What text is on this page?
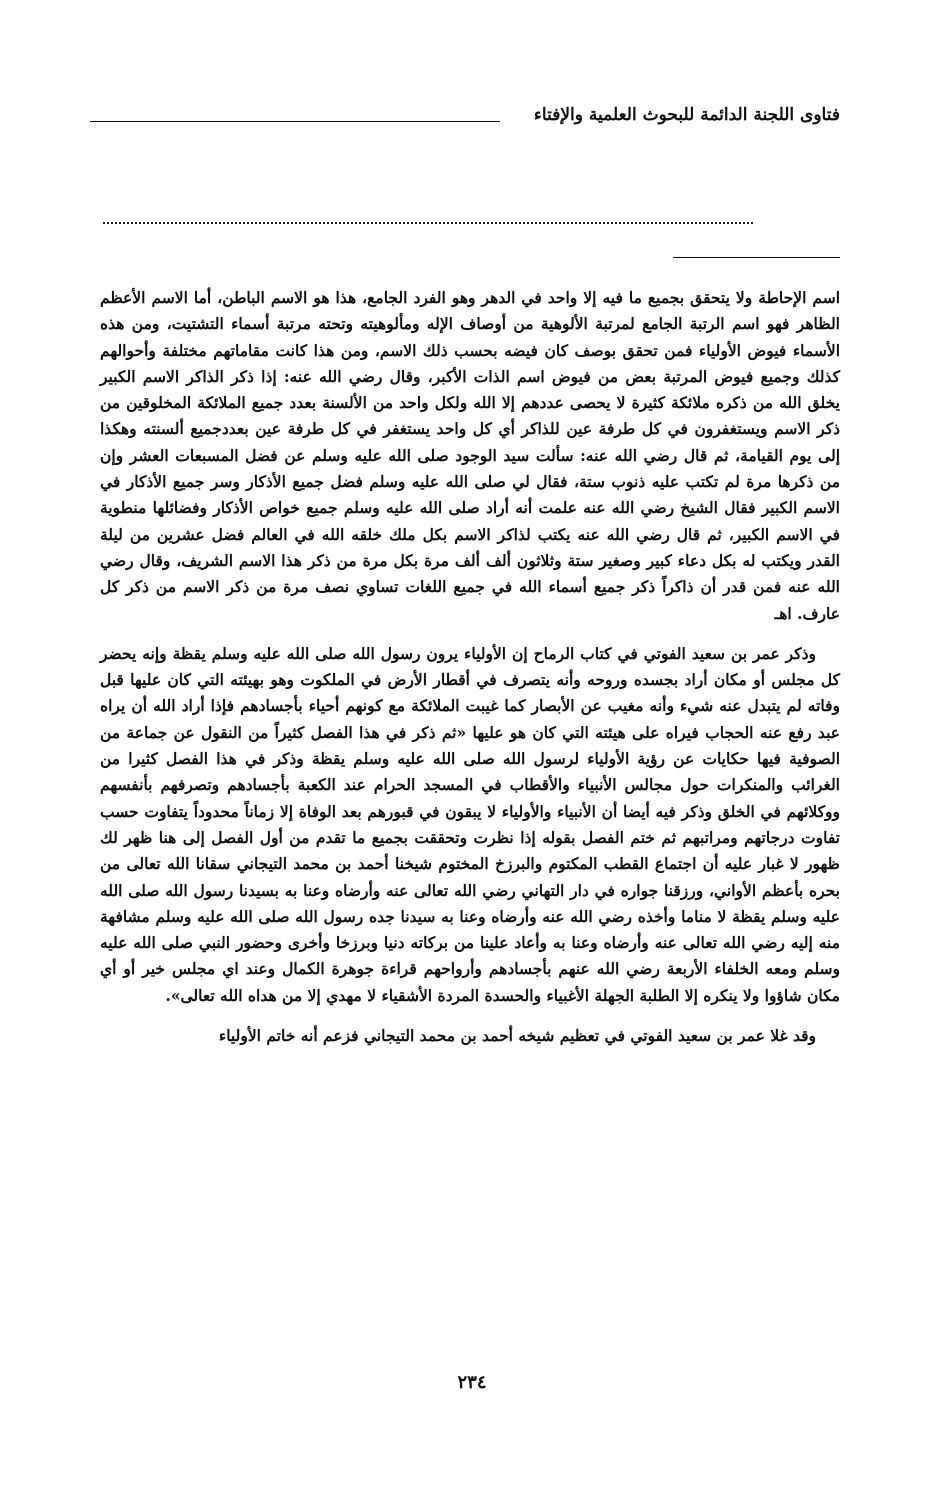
فتاوى اللجنة الدائمة للبحوث العلمية والإفتاء

اسم الإحاطة ولا يتحقق بجميع ما فيه إلا واحد في الدهر وهو الفرد الجامع، هذا هو الاسم الباطن، أما الاسم الأعظم الظاهر فهو اسم الرتبة الجامع لمرتبة الألوهية من أوصاف الإله ومألوهيته وتحته مرتبة أسماء التشتيت، ومن هذه الأسماء فيوض الأولياء فمن تحقق بوصف كان فيضه بحسب ذلك الاسم، ومن هذا كانت مقاماتهم مختلفة وأحوالهم كذلك وجميع فيوض المرتبة بعض من فيوض اسم الذات الأكبر، وقال رضي الله عنه: إذا ذكر الذاكر الاسم الكبير يخلق الله من ذكره ملائكة كثيرة لا يحصى عددهم إلا الله ولكل واحد من الألسنة بعدد جميع الملائكة المخلوقين من ذكر الاسم ويستغفرون في كل طرفة عين للذاكر أي كل واحد يستغفر في كل طرفة عين بعددجميع ألسنته وهكذا إلى يوم القيامة، ثم قال رضي الله عنه: سألت سيد الوجود صلى الله عليه وسلم عن فضل المسبعات العشر وإن من ذكرها مرة لم تكتب عليه ذنوب ستة، فقال لي صلى الله عليه وسلم فضل جميع الأذكار وسر جميع الأذكار في الاسم الكبير فقال الشيخ رضي الله عنه علمت أنه أراد صلى الله عليه وسلم جميع خواص الأذكار وفضائلها منطوية في الاسم الكبير، ثم قال رضي الله عنه يكتب لذاكر الاسم بكل ملك خلقه الله في العالم فضل عشرين من ليلة القدر ويكتب له بكل دعاء كبير وصغير ستة وثلاثون ألف ألف مرة بكل مرة من ذكر هذا الاسم الشريف، وقال رضي الله عنه فمن قدر أن ذاكراً ذكر جميع أسماء الله في جميع اللغات تساوي نصف مرة من ذكر الاسم من ذكر كل عارف. اهـ

وذكر عمر بن سعيد الفوتي في كتاب الرماح إن الأولياء يرون رسول الله صلى الله عليه وسلم يقظة وإنه يحضر كل مجلس أو مكان أراد بجسده وروحه وأنه يتصرف في أقطار الأرض في الملكوت وهو بهيئته التي كان عليها قبل وفاته لم يتبدل عنه شيء وأنه مغيب عن الأبصار كما غيبت الملائكة مع كونهم أحياء بأجسادهم فإذا أراد الله أن يراه عبد رفع عنه الحجاب فيراه على هيئته التي كان هو عليها «ثم ذكر في هذا الفصل كثيراً من النقول عن جماعة من الصوفية فيها حكايات عن رؤية الأولياء لرسول الله صلى الله عليه وسلم يقظة وذكر في هذا الفصل كثيرا من الغرائب والمنكرات حول مجالس الأنبياء والأقطاب في المسجد الحرام عند الكعبة بأجسادهم وتصرفهم بأنفسهم ووكلائهم في الخلق وذكر فيه أيضا أن الأنبياء والأولياء لا يبقون في قبورهم بعد الوفاة إلا زماناً محدوداً يتفاوت حسب تفاوت درجاتهم ومراتبهم ثم ختم الفصل بقوله إذا نظرت وتحققت بجميع ما تقدم من أول الفصل إلى هنا ظهر لك ظهور لا غبار عليه أن اجتماع القطب المكتوم والبرزخ المختوم شيخنا أحمد بن محمد التيجاني سقانا الله تعالى من بحره بأعظم الأواني، ورزقنا جواره في دار التهاني رضي الله تعالى عنه وأرضاه وعنا به بسيدنا رسول الله صلى الله عليه وسلم يقظة لا مناما وأخذه رضي الله عنه وأرضاه وعنا به سيدنا جده رسول الله صلى الله عليه وسلم مشافهة منه إليه رضي الله تعالى عنه وأرضاه وعنا به وأعاد علينا من بركاته دنيا وبرزخا وأخرى وحضور النبي صلى الله عليه وسلم ومعه الخلفاء الأربعة رضي الله عنهم بأجسادهم وأرواحهم قراءة جوهرة الكمال وعند اي مجلس خير أو أي مكان شاؤوا ولا ينكره إلا الطلبة الجهلة الأغبياء والحسدة المردة الأشقياء لا مهدي إلا من هداه الله تعالى».

وقد غلا عمر بن سعيد الفوتي في تعظيم شيخه أحمد بن محمد التيجاني فزعم أنه خاتم الأولياء

٢٣٤
